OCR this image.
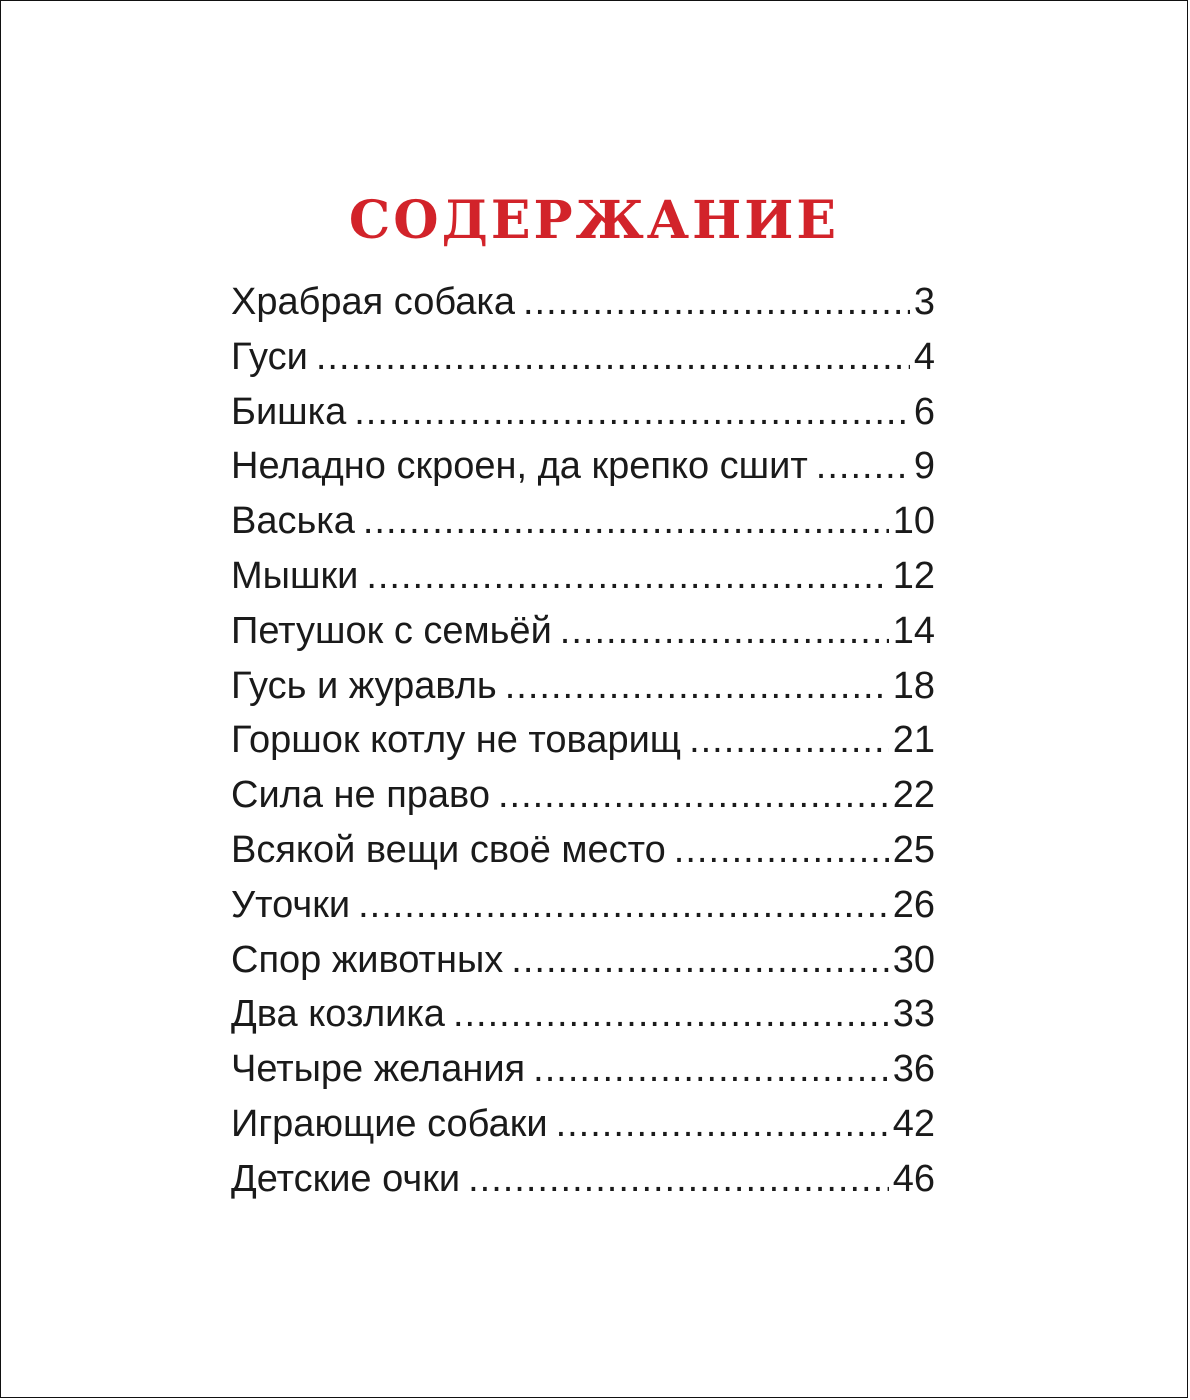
СОДЕРЖАНИЕ
Храбрая собака .....	3
Гуси .....	4
Бишка .....	6
Неладно скроен, да крепко сшит .....	9
Васька .....	10
Мышки .....	12
Петушок с семьёй .....	14
Гусь и журавль .....	18
Горшок котлу не товарищ .....	21
Сила не право .....	22
Всякой вещи своё место .....	25
Уточки .....	26
Спор животных .....	30
Два козлика .....	33
Четыре желания .....	36
Играющие собаки .....	42
Детские очки .....	46
